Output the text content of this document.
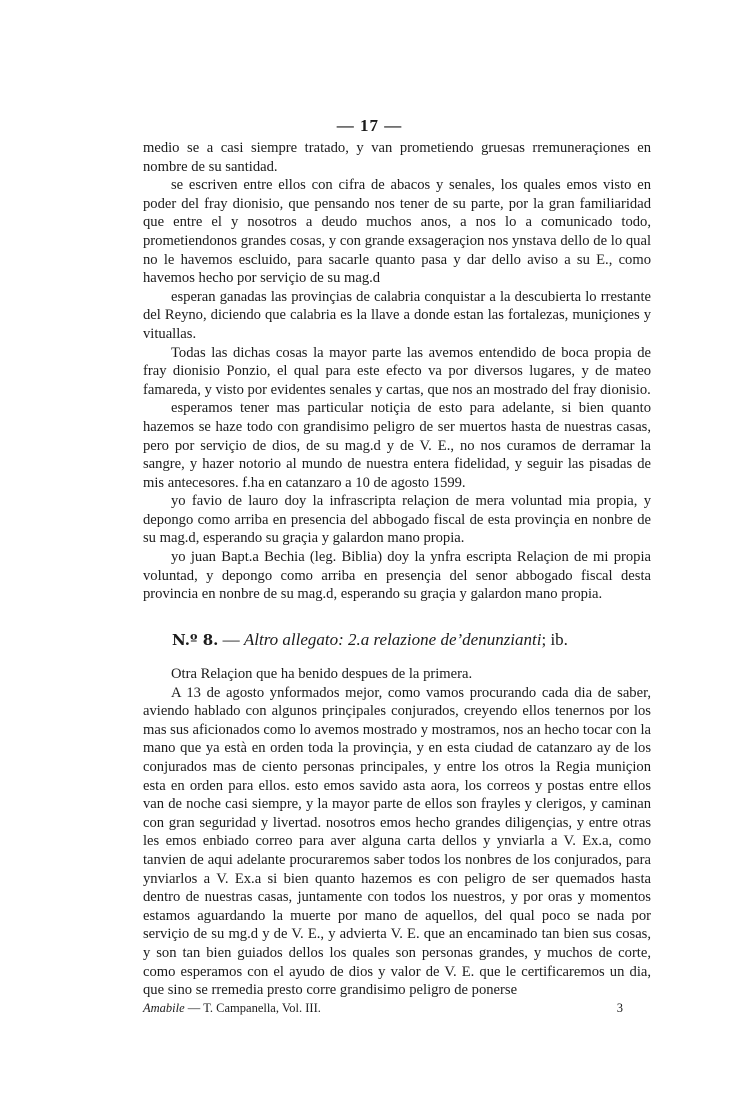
— 17 —

medio se a casi siempre tratado, y van prometiendo gruesas rremuneraçiones en nombre de su santidad.

se escriven entre ellos con cifra de abacos y senales, los quales emos visto en poder del fray dionisio, que pensando nos tener de su parte, por la gran familiaridad que entre el y nosotros a deudo muchos anos, a nos lo a comunicado todo, prometiendonos grandes cosas, y con grande exsageraçion nos ynstava dello de lo qual no le havemos escluido, para sacarle quanto pasa y dar dello aviso a su E., como havemos hecho por serviçio de su mag.d

esperan ganadas las provinçias de calabria conquistar a la descubierta lo rrestante del Reyno, diciendo que calabria es la llave a donde estan las fortalezas, muniçiones y vituallas.

Todas las dichas cosas la mayor parte las avemos entendido de boca propia de fray dionisio Ponzio, el qual para este efecto va por diversos lugares, y de mateo famareda, y visto por evidentes senales y cartas, que nos an mostrado del fray dionisio.

esperamos tener mas particular notiçia de esto para adelante, si bien quanto hazemos se haze todo con grandisimo peligro de ser muertos hasta de nuestras casas, pero por serviçio de dios, de su mag.d y de V. E., no nos curamos de derramar la sangre, y hazer notorio al mundo de nuestra entera fidelidad, y seguir las pisadas de mis antecesores. f.ha en catanzaro a 10 de agosto 1599.

yo favio de lauro doy la infrascripta relaçion de mera voluntad mia propia, y depongo como arriba en presencia del abbogado fiscal de esta provinçia en nonbre de su mag.d, esperando su graçia y galardon mano propia.

yo juan Bapt.a Bechia (leg. Biblia) doy la ynfra escripta Relaçion de mi propia voluntad, y depongo como arriba en presençia del senor abbogado fiscal desta provincia en nonbre de su mag.d, esperando su graçia y galardon mano propia.

N.º 8. — Altro allegato: 2.a relazione de’denunzianti; ib.

Otra Relaçion que ha benido despues de la primera.

A 13 de agosto ynformados mejor, como vamos procurando cada dia de saber, aviendo hablado con algunos prinçipales conjurados, creyendo ellos tenernos por los mas sus aficionados como lo avemos mostrado y mostramos, nos an hecho tocar con la mano que ya està en orden toda la provinçia, y en esta ciudad de catanzaro ay de los conjurados mas de ciento personas principales, y entre los otros la Regia muniçion esta en orden para ellos. esto emos savido asta aora, los correos y postas entre ellos van de noche casi siempre, y la mayor parte de ellos son frayles y clerigos, y caminan con gran seguridad y livertad. nosotros emos hecho grandes diligençias, y entre otras les emos enbiado correo para aver alguna carta dellos y ynviarla a V. Ex.a, como tanvien de aqui adelante procuraremos saber todos los nonbres de los conjurados, para ynviarlos a V. Ex.a si bien quanto hazemos es con peligro de ser quemados hasta dentro de nuestras casas, juntamente con todos los nuestros, y por oras y momentos estamos aguardando la muerte por mano de aquellos, del qual poco se nada por serviçio de su mg.d y de V. E., y advierta V. E. que an encaminado tan bien sus cosas, y son tan bien guiados dellos los quales son personas grandes, y muchos de corte, como esperamos con el ayudo de dios y valor de V. E. que le certificaremos un dia, que sino se rremedia presto corre grandisimo peligro de ponerse

Amabile — T. Campanella, Vol. III.	3
